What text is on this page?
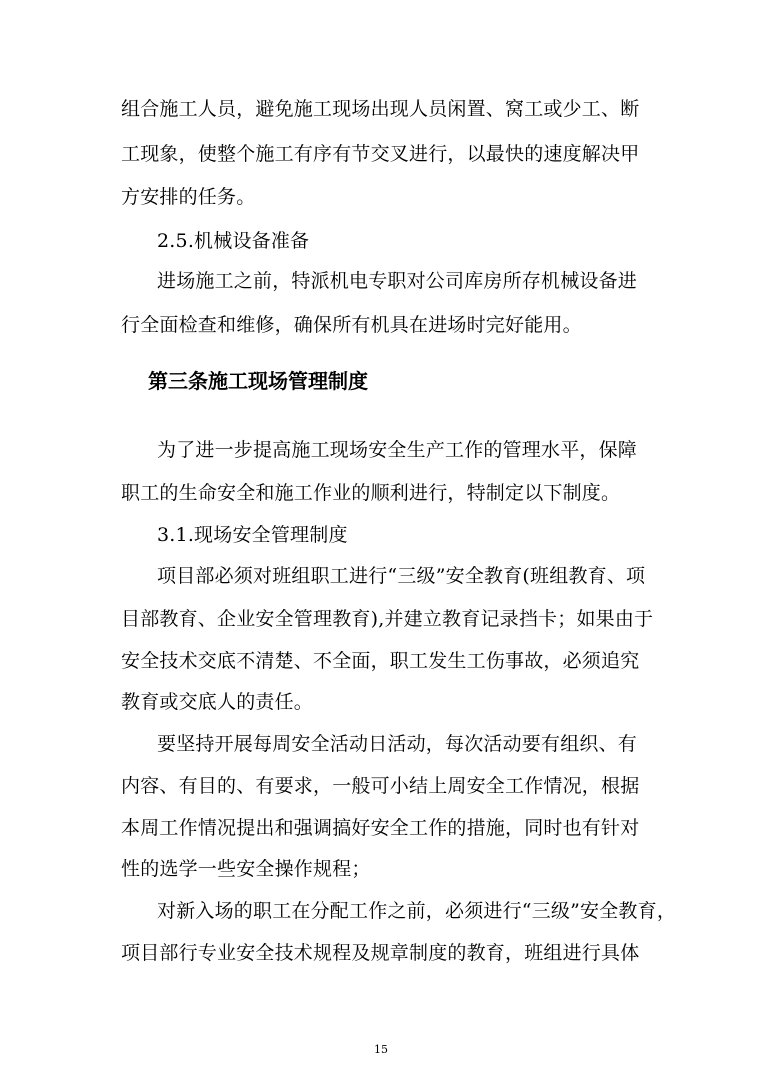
组合施工人员，避免施工现场出现人员闲置、窝工或少工、断
工现象，使整个施工有序有节交叉进行，以最快的速度解决甲
方安排的任务。
2.5.机械设备准备
进场施工之前，特派机电专职对公司库房所存机械设备进
行全面检查和维修，确保所有机具在进场时完好能用。
第三条施工现场管理制度
为了进一步提高施工现场安全生产工作的管理水平，保障
职工的生命安全和施工作业的顺利进行，特制定以下制度。
3.1.现场安全管理制度
项目部必须对班组职工进行“三级”安全教育(班组教育、项
目部教育、企业安全管理教育),并建立教育记录挡卡；如果由于
安全技术交底不清楚、不全面，职工发生工伤事故，必须追究
教育或交底人的责任。
要坚持开展每周安全活动日活动，每次活动要有组织、有
内容、有目的、有要求，一般可小结上周安全工作情况，根据
本周工作情况提出和强调搞好安全工作的措施，同时也有针对
性的选学一些安全操作规程；
对新入场的职工在分配工作之前，必须进行“三级”安全教育，
项目部行专业安全技术规程及规章制度的教育，班组进行具体
15
